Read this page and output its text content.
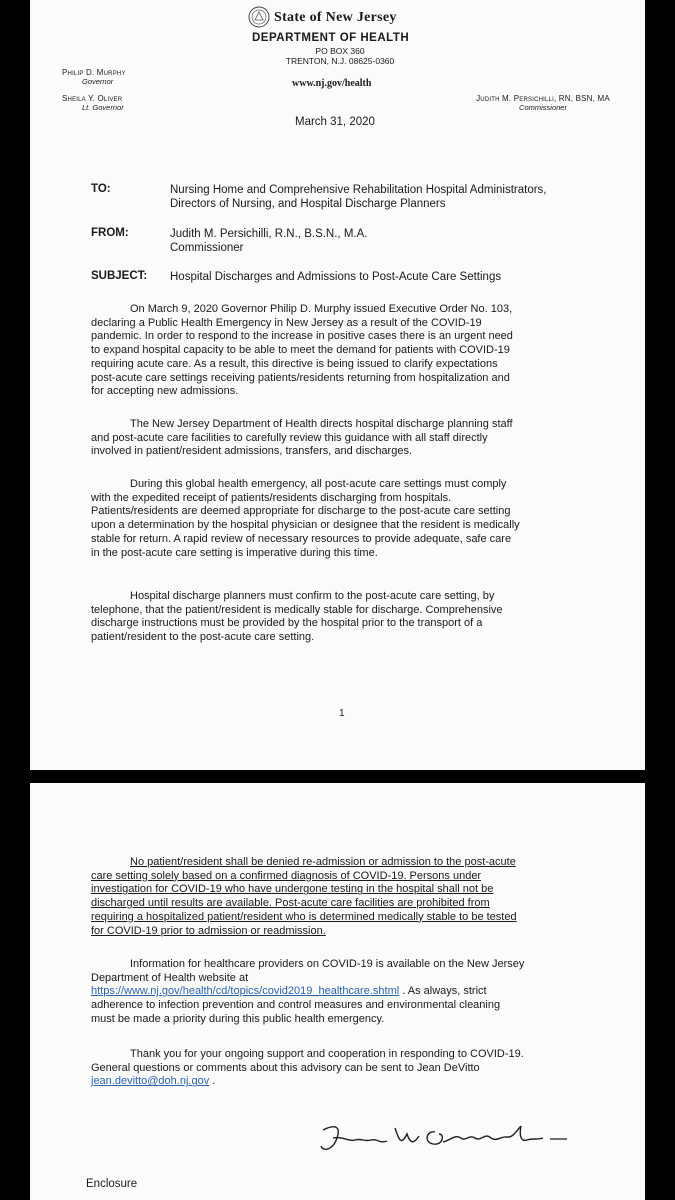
State of New Jersey
DEPARTMENT OF HEALTH
PO BOX 360
TRENTON, N.J. 08625-0360
www.nj.gov/health
Philip D. Murphy
Governor
Sheila Y. Oliver
Lt. Governor
Judith M. Persichilli, RN, BSN, MA
Commissioner
March 31, 2020
TO:	Nursing Home and Comprehensive Rehabilitation Hospital Administrators,
Directors of Nursing, and Hospital Discharge Planners
FROM:	Judith M. Persichilli, R.N., B.S.N., M.A.
Commissioner
SUBJECT: Hospital Discharges and Admissions to Post-Acute Care Settings

On March 9, 2020 Governor Philip D. Murphy issued Executive Order No. 103,

declaring a Public Health Emergency in New Jersey as a result of the COVID-19

pandemic. In order to respond to the increase in positive cases there is an urgent need

to expand hospital capacity to be able to meet the demand for patients with COVID-19

requiring acute care. As a result, this directive is being issued to clarify expectations

post-acute care settings receiving patients/residents returning from hospitalization and

for accepting new admissions.

The New Jersey Department of Health directs hospital discharge planning staff

and post-acute care facilities to carefully review this guidance with all staff directly

involved in patient/resident admissions, transfers, and discharges.

During this global health emergency, all post-acute care settings must comply

with the expedited receipt of patients/residents discharging from hospitals.

Patients/residents are deemed appropriate for discharge to the post-acute care setting

upon a determination by the hospital physician or designee that the resident is medically

stable for return. A rapid review of necessary resources to provide adequate, safe care

in the post-acute care setting is imperative during this time.

Hospital discharge planners must confirm to the post-acute care setting, by

telephone, that the patient/resident is medically stable for discharge. Comprehensive

discharge instructions must be provided by the hospital prior to the transport of a

patient/resident to the post-acute care setting.

1

No patient/resident shall be denied re-admission or admission to the post-acute

care setting solely based on a confirmed diagnosis of COVID-19. Persons under

investigation for COVID-19 who have undergone testing in the hospital shall not be

discharged until results are available. Post-acute care facilities are prohibited from

requiring a hospitalized patient/resident who is determined medically stable to be tested

for COVID-19 prior to admission or readmission.

Information for healthcare providers on COVID-19 is available on the New Jersey

Department of Health website at

https://www.nj.gov/health/cd/topics/covid2019_healthcare.shtml . As always, strict

adherence to infection prevention and control measures and environmental cleaning

must be made a priority during this public health emergency.

Thank you for your ongoing support and cooperation in responding to COVID-19.

General questions or comments about this advisory can be sent to Jean DeVitto

jean.devitto@doh.nj.gov .

Enclosure
